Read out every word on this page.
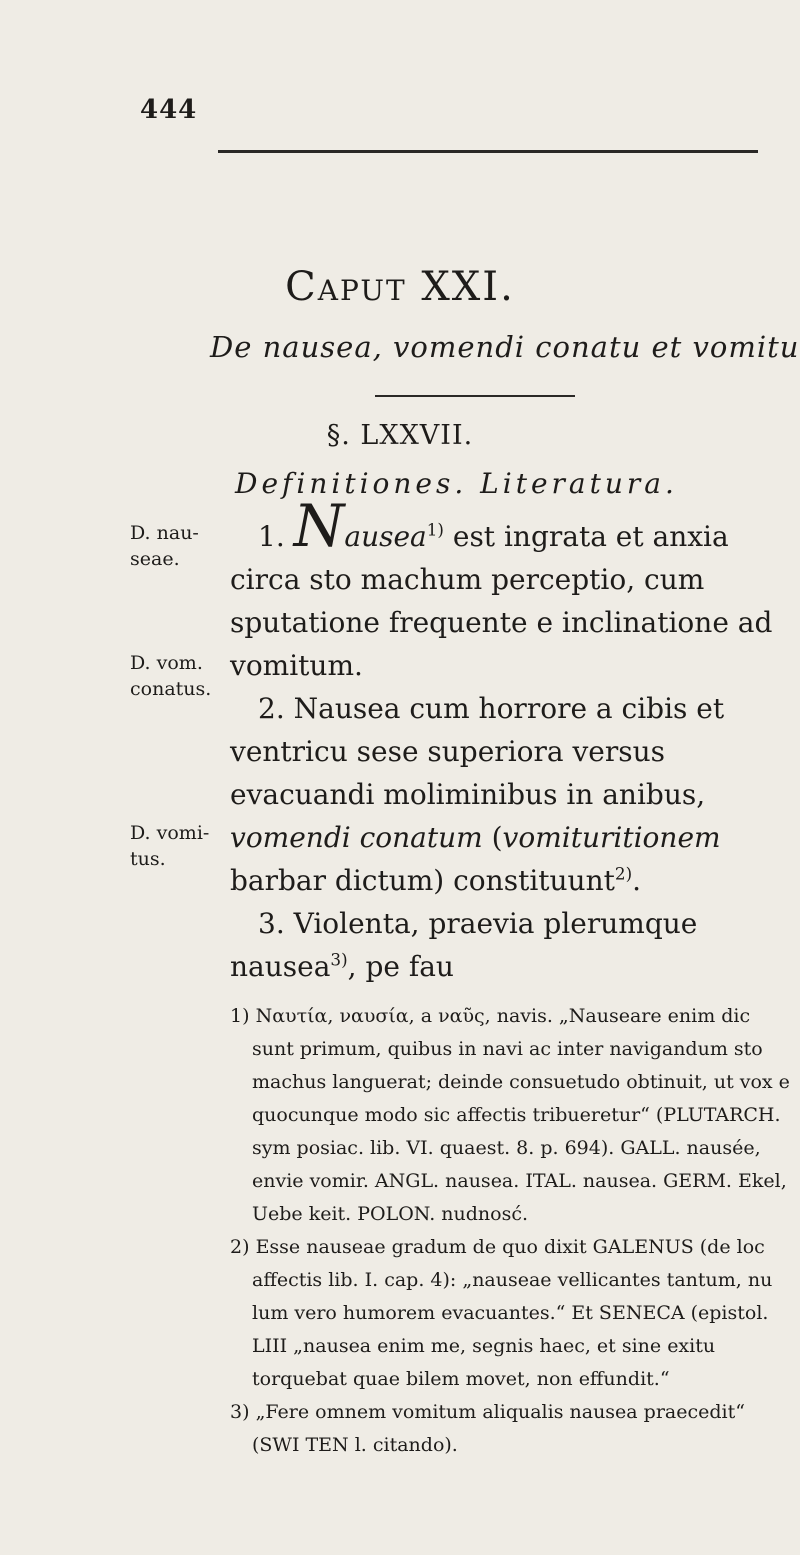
444
Caput XXI.
De nausea, vomendi conatu et vomitu
§. LXXVII.
Definitiones. Literatura.
D. nau-
seae.
D. vom.
conatus.
D. vomi-
tus.

1. Nausea$^{1)}$ est ingrata et anxia circa sto machum perceptio, cum sputatione frequente e inclinatione ad vomitum.

2. Nausea cum horrore a cibis et ventricu sese superiora versus evacuandi moliminibus in anibus, vomendi conatum (vomituritionem barbar dictum) constituunt$^{2)}$.

3. Violenta, praevia plerumque nausea$^{3)}$, pe fau

1) Ναυτία, ναυσία, a ναῦς, navis. „Nauseare enim dic sunt primum, quibus in navi ac inter navigandum sto machus languerat; deinde consuetudo obtinuit, ut vox e quocunque modo sic affectis tribueretur“ (PLUTARCH. sym posiac. lib. VI. quaest. 8. p. 694). GALL. nausée, envie vomir. ANGL. nausea. ITAL. nausea. GERM. Ekel, Uebe keit. POLON. nudnosć.

2) Esse nauseae gradum de quo dixit GALENUS (de loc affectis lib. I. cap. 4): „nauseae vellicantes tantum, nu lum vero humorem evacuantes.“ Et SENECA (epistol. LIII „nausea enim me, segnis haec, et sine exitu torquebat quae bilem movet, non effundit.“

3) „Fere omnem vomitum aliqualis nausea praecedit“ (SWI TEN l. citando).
